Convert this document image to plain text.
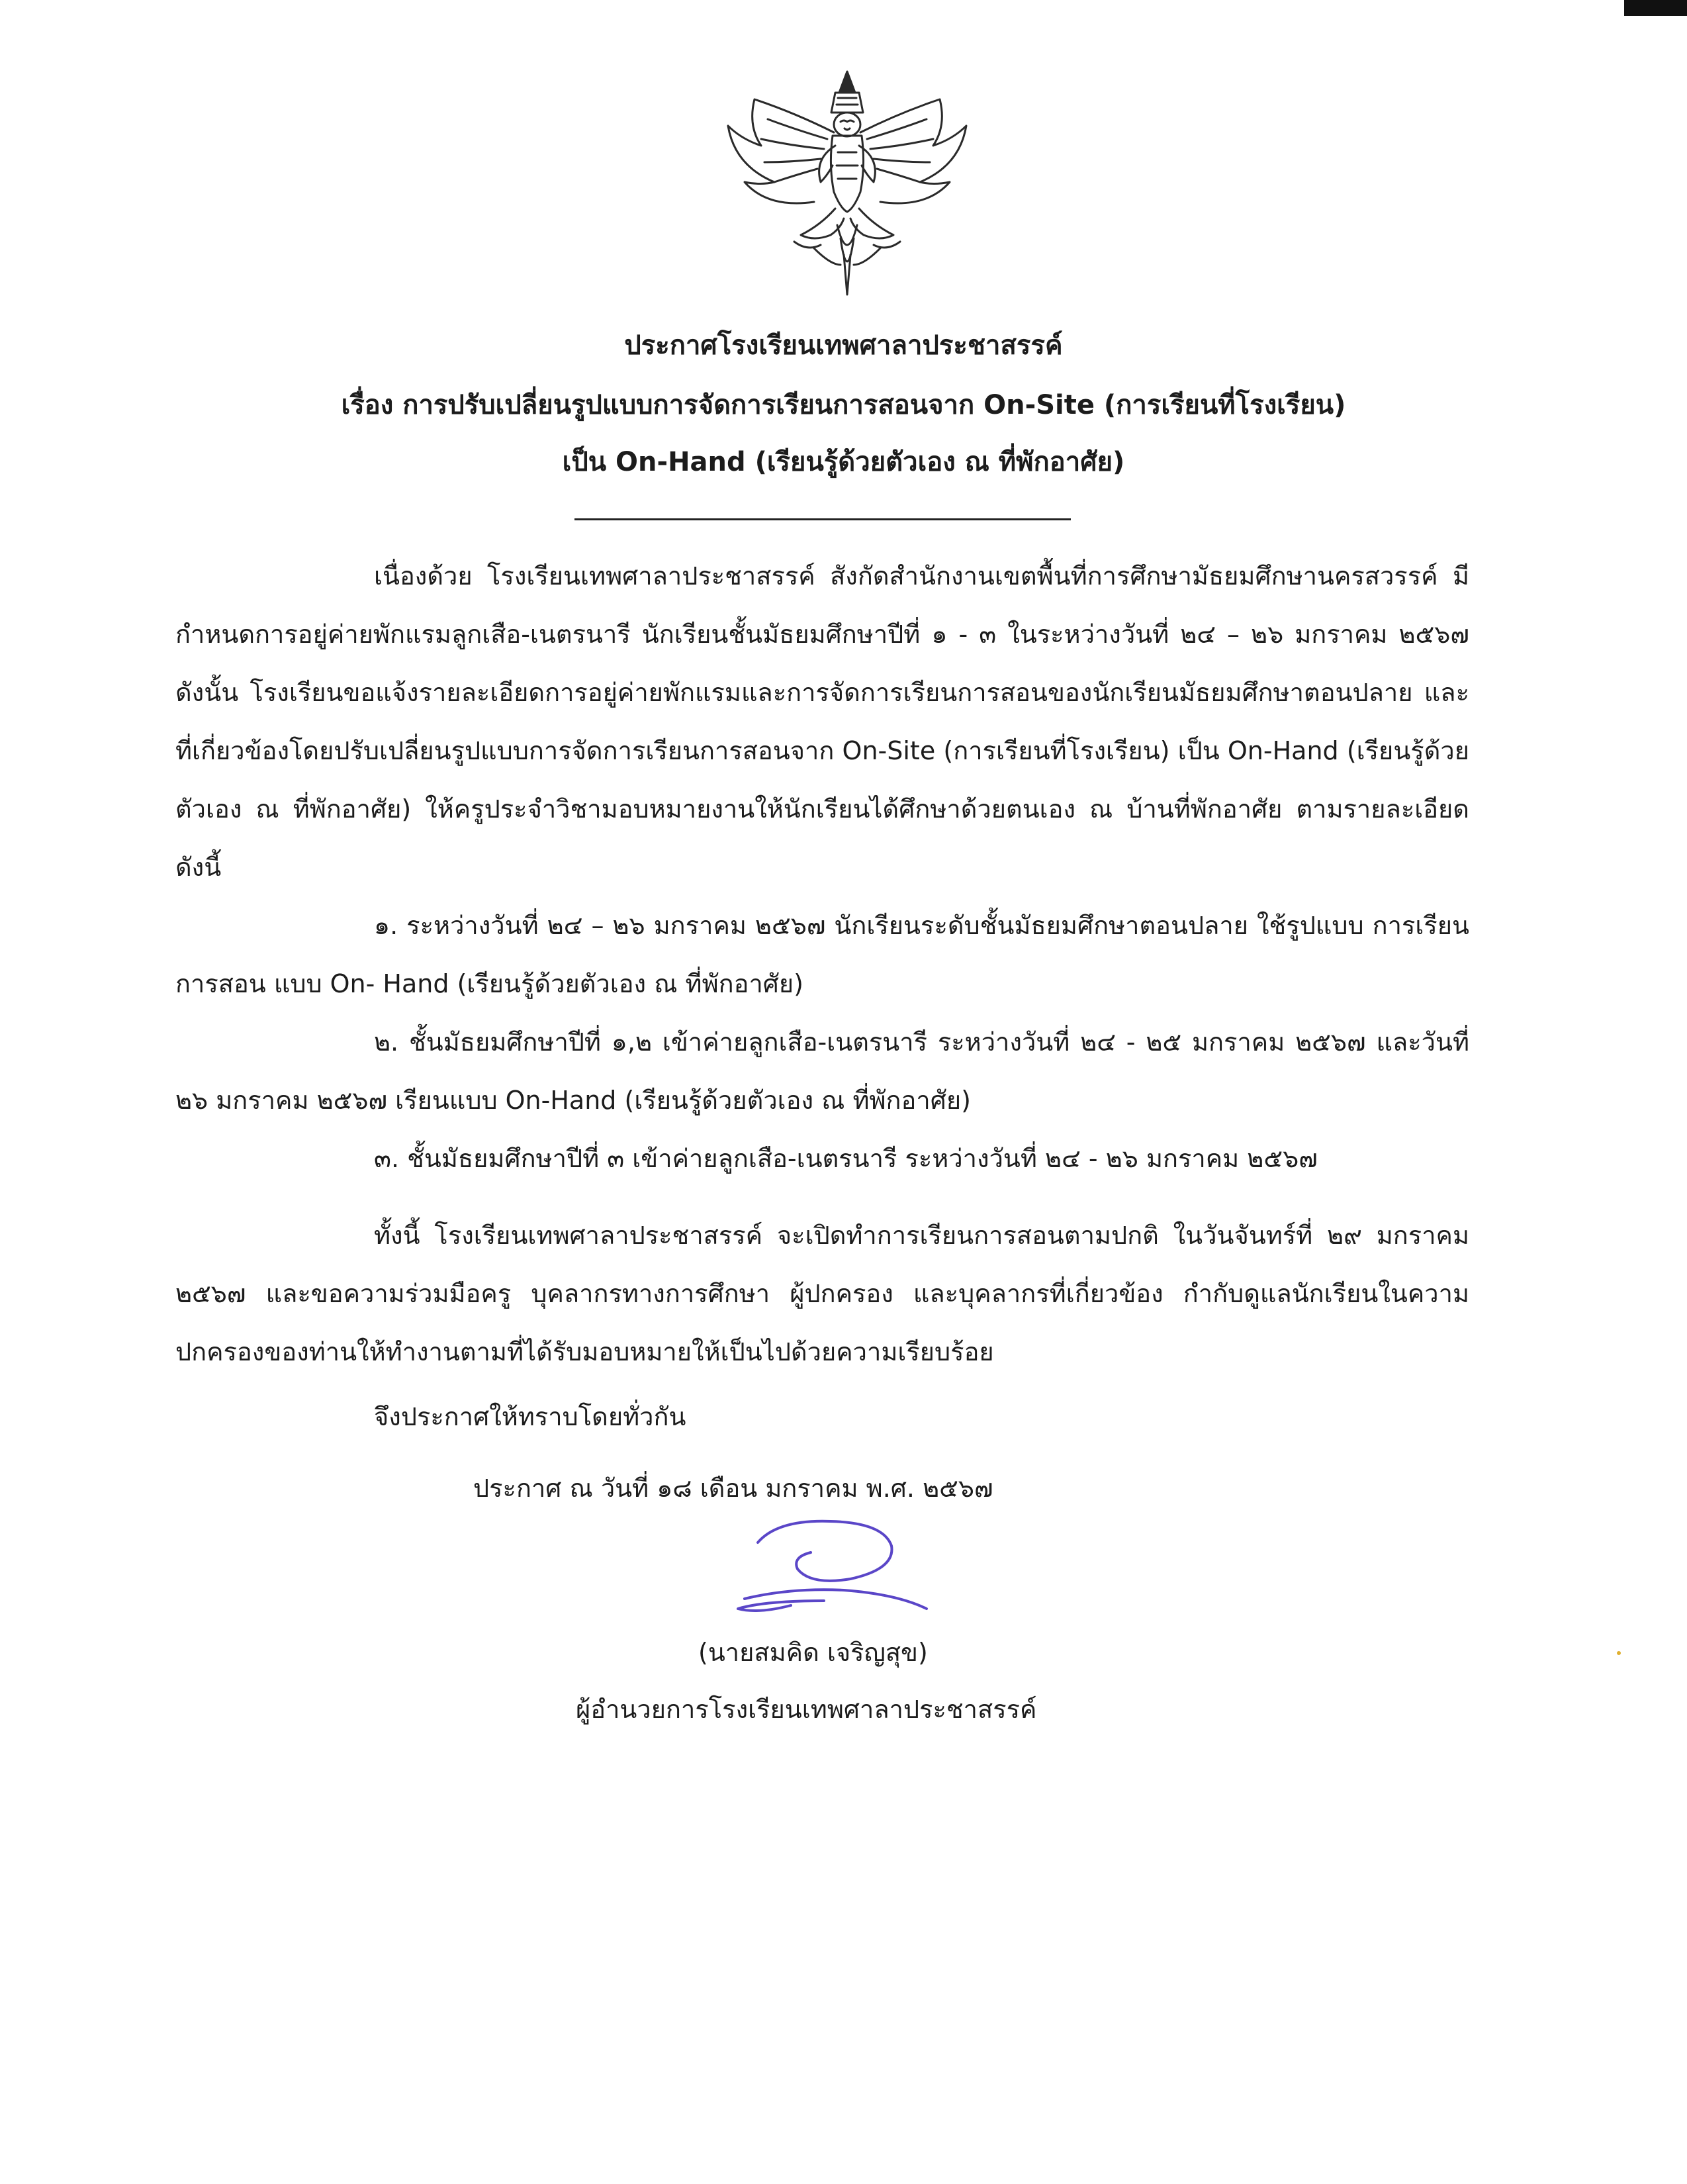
ประกาศโรงเรียนเทพศาลาประชาสรรค์
เรื่อง การปรับเปลี่ยนรูปแบบการจัดการเรียนการสอนจาก On-Site (การเรียนที่โรงเรียน)
เป็น On-Hand (เรียนรู้ด้วยตัวเอง ณ ที่พักอาศัย)
เนื่องด้วย โรงเรียนเทพศาลาประชาสรรค์ สังกัดสำนักงานเขตพื้นที่การศึกษามัธยมศึกษานครสวรรค์ มีกำหนดการอยู่ค่ายพักแรมลูกเสือ-เนตรนารี นักเรียนชั้นมัธยมศึกษาปีที่ ๑ - ๓ ในระหว่างวันที่ ๒๔ – ๒๖ มกราคม ๒๕๖๗ ดังนั้น โรงเรียนขอแจ้งรายละเอียดการอยู่ค่ายพักแรมและการจัดการเรียนการสอนของนักเรียนมัธยมศึกษาตอนปลาย และที่เกี่ยวข้องโดยปรับเปลี่ยนรูปแบบการจัดการเรียนการสอนจาก On-Site (การเรียนที่โรงเรียน) เป็น On-Hand (เรียนรู้ด้วยตัวเอง ณ ที่พักอาศัย) ให้ครูประจำวิชามอบหมายงานให้นักเรียนได้ศึกษาด้วยตนเอง ณ บ้านที่พักอาศัย ตามรายละเอียดดังนี้
๑. ระหว่างวันที่ ๒๔ – ๒๖ มกราคม ๒๕๖๗ นักเรียนระดับชั้นมัธยมศึกษาตอนปลาย ใช้รูปแบบ การเรียนการสอน แบบ On- Hand (เรียนรู้ด้วยตัวเอง ณ ที่พักอาศัย)
๒. ชั้นมัธยมศึกษาปีที่ ๑,๒ เข้าค่ายลูกเสือ-เนตรนารี ระหว่างวันที่ ๒๔ - ๒๕ มกราคม ๒๕๖๗ และวันที่ ๒๖ มกราคม ๒๕๖๗ เรียนแบบ On-Hand (เรียนรู้ด้วยตัวเอง ณ ที่พักอาศัย)
๓. ชั้นมัธยมศึกษาปีที่ ๓ เข้าค่ายลูกเสือ-เนตรนารี ระหว่างวันที่ ๒๔ - ๒๖ มกราคม ๒๕๖๗
ทั้งนี้ โรงเรียนเทพศาลาประชาสรรค์ จะเปิดทำการเรียนการสอนตามปกติ ในวันจันทร์ที่ ๒๙ มกราคม ๒๕๖๗ และขอความร่วมมือครู บุคลากรทางการศึกษา ผู้ปกครอง และบุคลากรที่เกี่ยวข้อง กำกับดูแลนักเรียนในความปกครองของท่านให้ทำงานตามที่ได้รับมอบหมายให้เป็นไปด้วยความเรียบร้อย
จึงประกาศให้ทราบโดยทั่วกัน
ประกาศ ณ วันที่ ๑๘ เดือน มกราคม พ.ศ. ๒๕๖๗
(นายสมคิด เจริญสุข)
ผู้อำนวยการโรงเรียนเทพศาลาประชาสรรค์
